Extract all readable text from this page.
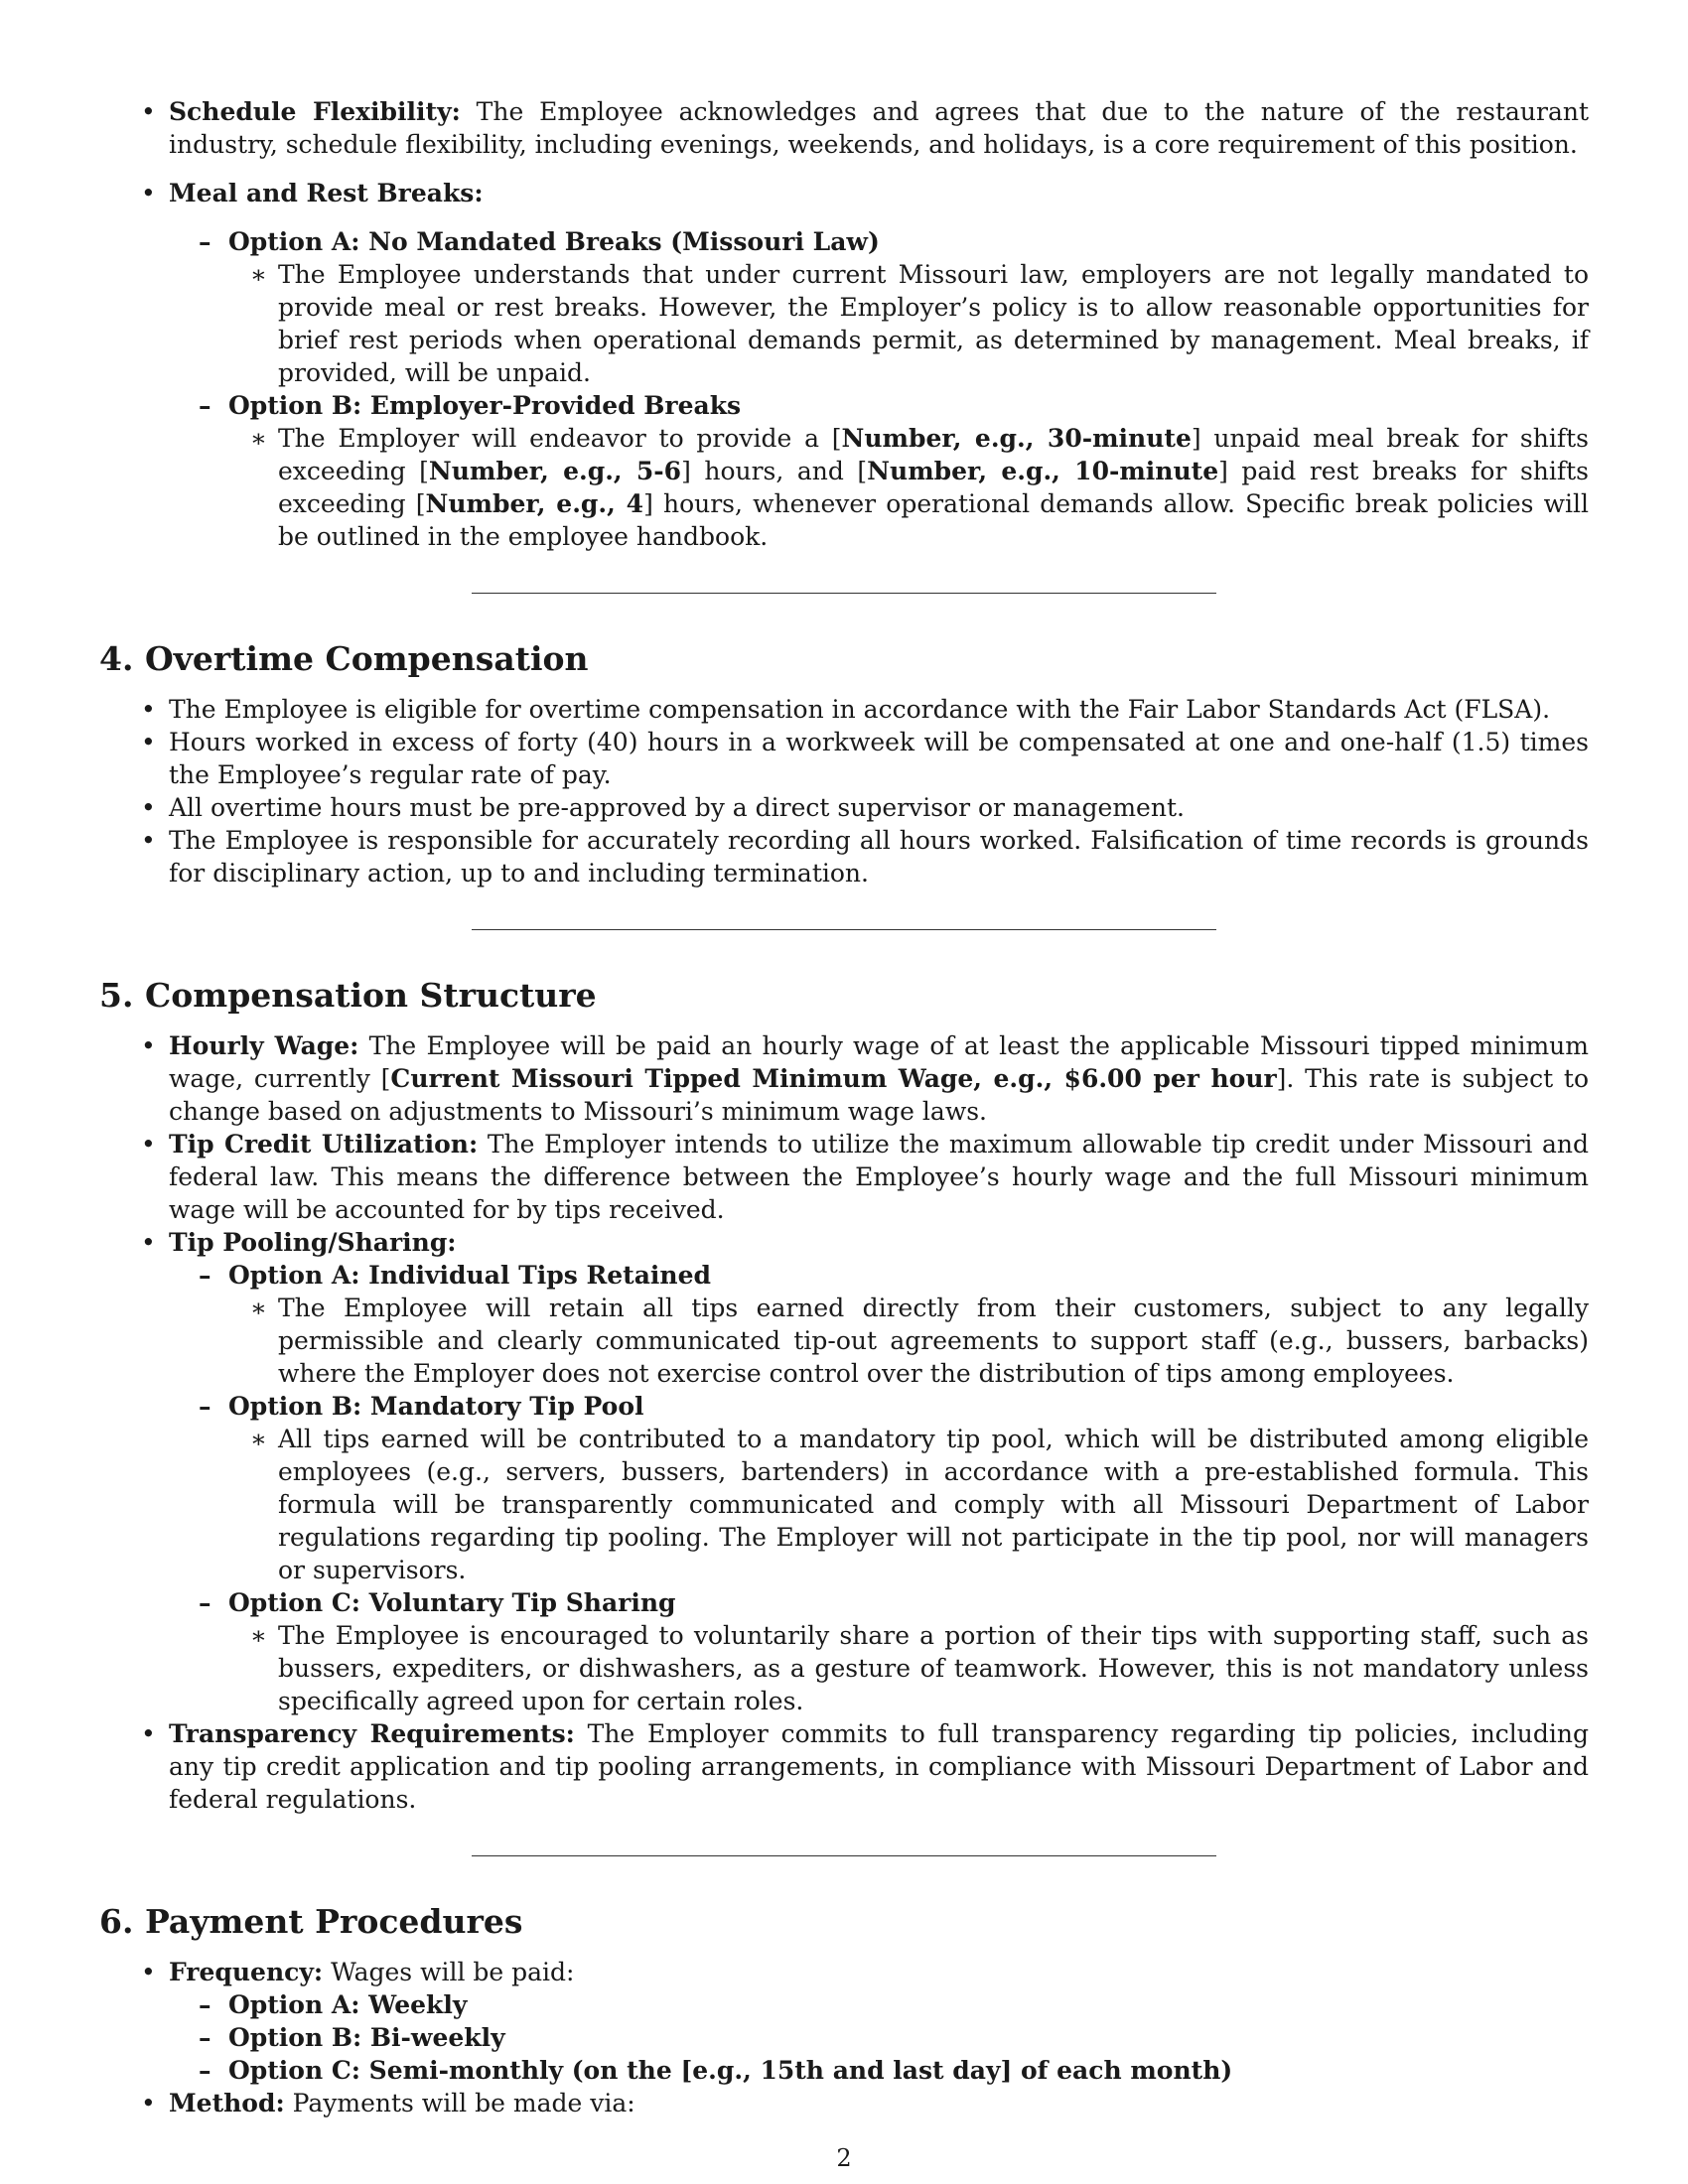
• Schedule Flexibility: The Employee acknowledges and agrees that due to the nature of the restaurant industry, schedule flexibility, including evenings, weekends, and holidays, is a core requirement of this position.
• Meal and Rest Breaks:
– Option A: No Mandated Breaks (Missouri Law)
∗ The Employee understands that under current Missouri law, employers are not legally mandated to provide meal or rest breaks. However, the Employer’s policy is to allow reasonable opportunities for brief rest periods when operational demands permit, as determined by management. Meal breaks, if provided, will be unpaid.
– Option B: Employer-Provided Breaks
∗ The Employer will endeavor to provide a [Number, e.g., 30-minute] unpaid meal break for shifts exceeding [Number, e.g., 5-6] hours, and [Number, e.g., 10-minute] paid rest breaks for shifts exceeding [Number, e.g., 4] hours, whenever operational demands allow. Specific break policies will be outlined in the employee handbook.
4. Overtime Compensation
• The Employee is eligible for overtime compensation in accordance with the Fair Labor Standards Act (FLSA).
• Hours worked in excess of forty (40) hours in a workweek will be compensated at one and one-half (1.5) times the Employee’s regular rate of pay.
• All overtime hours must be pre-approved by a direct supervisor or management.
• The Employee is responsible for accurately recording all hours worked. Falsification of time records is grounds for disciplinary action, up to and including termination.
5. Compensation Structure
• Hourly Wage: The Employee will be paid an hourly wage of at least the applicable Missouri tipped minimum wage, currently [Current Missouri Tipped Minimum Wage, e.g., $6.00 per hour]. This rate is subject to change based on adjustments to Missouri’s minimum wage laws.
• Tip Credit Utilization: The Employer intends to utilize the maximum allowable tip credit under Missouri and federal law. This means the difference between the Employee’s hourly wage and the full Missouri minimum wage will be accounted for by tips received.
• Tip Pooling/Sharing:
– Option A: Individual Tips Retained
∗ The Employee will retain all tips earned directly from their customers, subject to any legally permissible and clearly communicated tip-out agreements to support staff (e.g., bussers, barbacks) where the Employer does not exercise control over the distribution of tips among employees.
– Option B: Mandatory Tip Pool
∗ All tips earned will be contributed to a mandatory tip pool, which will be distributed among eligible employees (e.g., servers, bussers, bartenders) in accordance with a pre-established formula. This formula will be transparently communicated and comply with all Missouri Department of Labor regulations regarding tip pooling. The Employer will not participate in the tip pool, nor will managers or supervisors.
– Option C: Voluntary Tip Sharing
∗ The Employee is encouraged to voluntarily share a portion of their tips with supporting staff, such as bussers, expediters, or dishwashers, as a gesture of teamwork. However, this is not mandatory unless specifically agreed upon for certain roles.
• Transparency Requirements: The Employer commits to full transparency regarding tip policies, including any tip credit application and tip pooling arrangements, in compliance with Missouri Department of Labor and federal regulations.
6. Payment Procedures
• Frequency: Wages will be paid:
– Option A: Weekly
– Option B: Bi-weekly
– Option C: Semi-monthly (on the [e.g., 15th and last day] of each month)
• Method: Payments will be made via:
2
